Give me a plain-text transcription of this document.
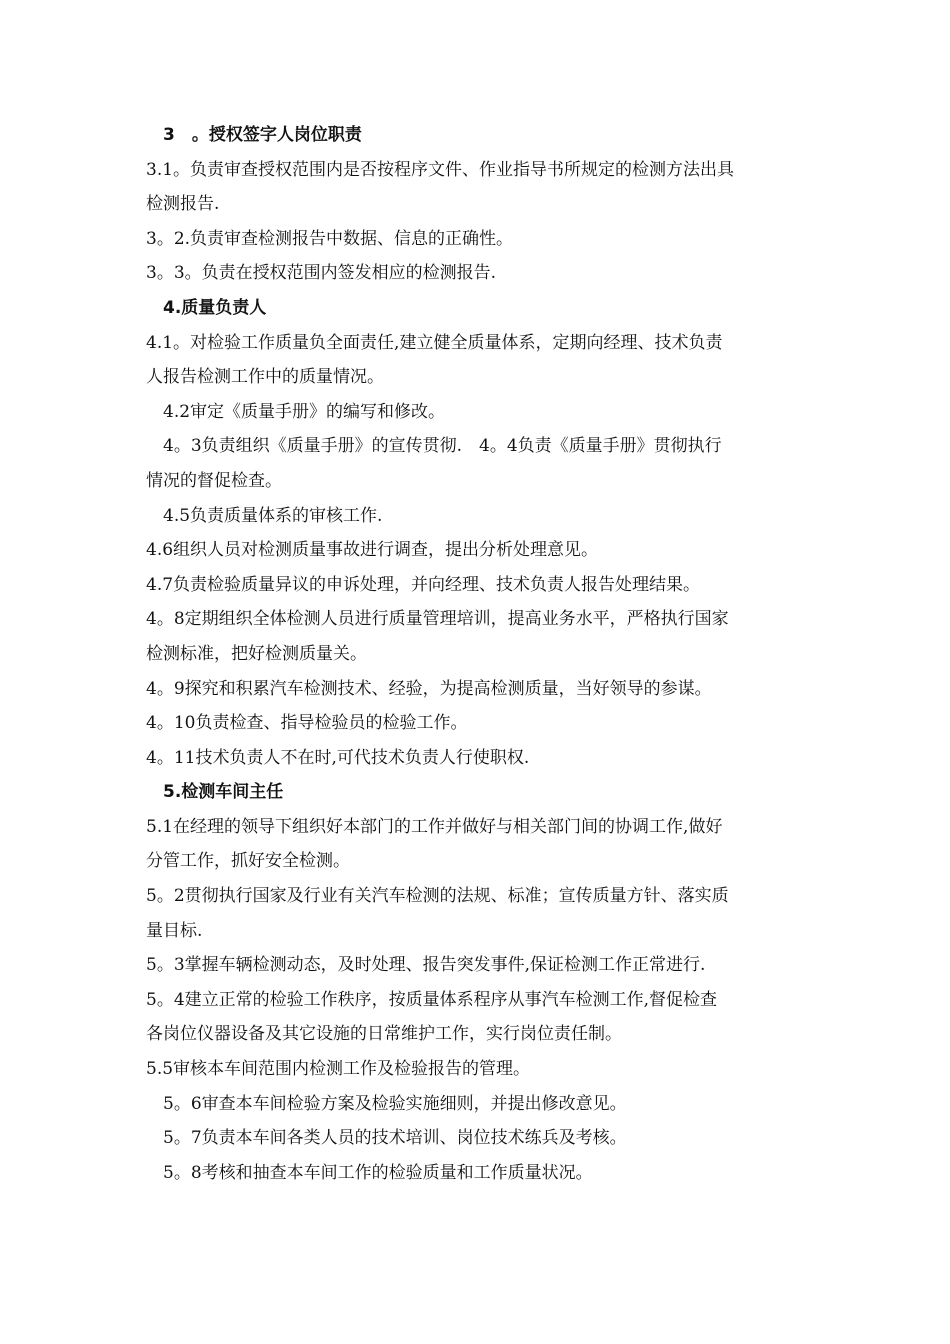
3　。授权签字人岗位职责

3.1。负责审查授权范围内是否按程序文件、作业指导书所规定的检测方法出具

检测报告.

3。2.负责审查检测报告中数据、信息的正确性。

3。3。负责在授权范围内签发相应的检测报告.

4.质量负责人

4.1。对检验工作质量负全面责任,建立健全质量体系，定期向经理、技术负责

人报告检测工作中的质量情况。

4.2审定《质量手册》的编写和修改。

4。3负责组织《质量手册》的宣传贯彻.　4。4负责《质量手册》贯彻执行

情况的督促检查。

4.5负责质量体系的审核工作.

4.6组织人员对检测质量事故进行调查，提出分析处理意见。

4.7负责检验质量异议的申诉处理，并向经理、技术负责人报告处理结果。

4。8定期组织全体检测人员进行质量管理培训，提高业务水平，严格执行国家

检测标准，把好检测质量关。

4。9探究和积累汽车检测技术、经验，为提高检测质量，当好领导的参谋。

4。10负责检查、指导检验员的检验工作。

4。11技术负责人不在时,可代技术负责人行使职权.

5.检测车间主任

5.1在经理的领导下组织好本部门的工作并做好与相关部门间的协调工作,做好

分管工作，抓好安全检测。

5。2贯彻执行国家及行业有关汽车检测的法规、标准；宣传质量方针、落实质

量目标.

5。3掌握车辆检测动态，及时处理、报告突发事件,保证检测工作正常进行.

5。4建立正常的检验工作秩序，按质量体系程序从事汽车检测工作,督促检查

各岗位仪器设备及其它设施的日常维护工作，实行岗位责任制。

5.5审核本车间范围内检测工作及检验报告的管理。

5。6审查本车间检验方案及检验实施细则，并提出修改意见。

5。7负责本车间各类人员的技术培训、岗位技术练兵及考核。

5。8考核和抽查本车间工作的检验质量和工作质量状况。
